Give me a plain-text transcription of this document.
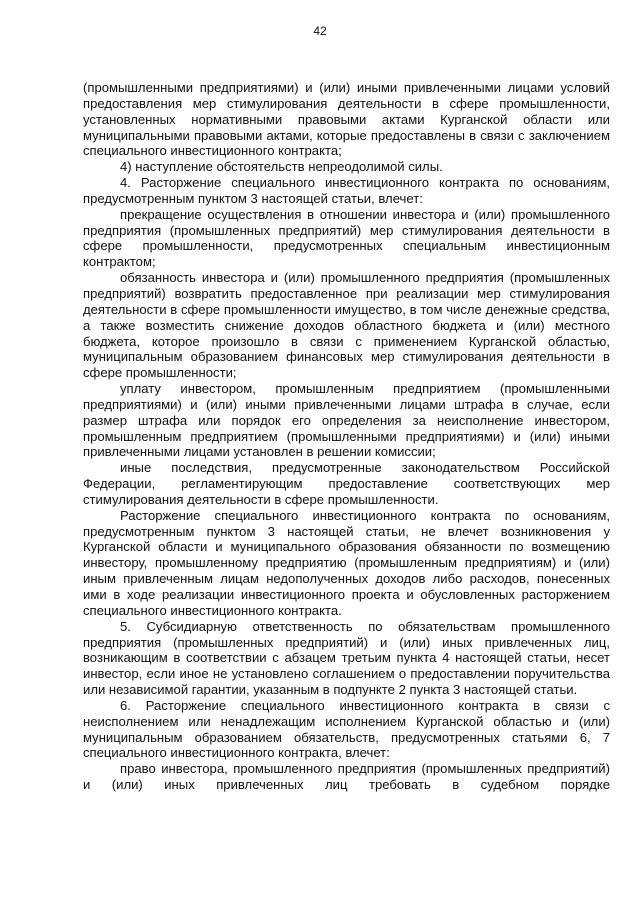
42

(промышленными предприятиями) и (или) иными привлеченными лицами условий предоставления мер стимулирования деятельности в сфере промышленности, установленных нормативными правовыми актами Курганской области или муниципальными правовыми актами, которые предоставлены в связи с заключением специального инвестиционного контракта;

4) наступление обстоятельств непреодолимой силы.

4. Расторжение специального инвестиционного контракта по основаниям, предусмотренным пунктом 3 настоящей статьи, влечет:

прекращение осуществления в отношении инвестора и (или) промышленного предприятия (промышленных предприятий) мер стимулирования деятельности в сфере промышленности, предусмотренных специальным инвестиционным контрактом;

обязанность инвестора и (или) промышленного предприятия (промышленных предприятий) возвратить предоставленное при реализации мер стимулирования деятельности в сфере промышленности имущество, в том числе денежные средства, а также возместить снижение доходов областного бюджета и (или) местного бюджета, которое произошло в связи с применением Курганской областью, муниципальным образованием финансовых мер стимулирования деятельности в сфере промышленности;

уплату инвестором, промышленным предприятием (промышленными предприятиями) и (или) иными привлеченными лицами штрафа в случае, если размер штрафа или порядок его определения за неисполнение инвестором, промышленным предприятием (промышленными предприятиями) и (или) иными привлеченными лицами установлен в решении комиссии;

иные последствия, предусмотренные законодательством Российской Федерации, регламентирующим предоставление соответствующих мер стимулирования деятельности в сфере промышленности.

Расторжение специального инвестиционного контракта по основаниям, предусмотренным пунктом 3 настоящей статьи, не влечет возникновения у Курганской области и муниципального образования обязанности по возмещению инвестору, промышленному предприятию (промышленным предприятиям) и (или) иным привлеченным лицам недополученных доходов либо расходов, понесенных ими в ходе реализации инвестиционного проекта и обусловленных расторжением специального инвестиционного контракта.

5. Субсидиарную ответственность по обязательствам промышленного предприятия (промышленных предприятий) и (или) иных привлеченных лиц, возникающим в соответствии с абзацем третьим пункта 4 настоящей статьи, несет инвестор, если иное не установлено соглашением о предоставлении поручительства или независимой гарантии, указанным в подпункте 2 пункта 3 настоящей статьи.

6. Расторжение специального инвестиционного контракта в связи с неисполнением или ненадлежащим исполнением Курганской областью и (или) муниципальным образованием обязательств, предусмотренных статьями 6, 7 специального инвестиционного контракта, влечет:

право инвестора, промышленного предприятия (промышленных предприятий) и (или) иных привлеченных лиц требовать в судебном порядке
